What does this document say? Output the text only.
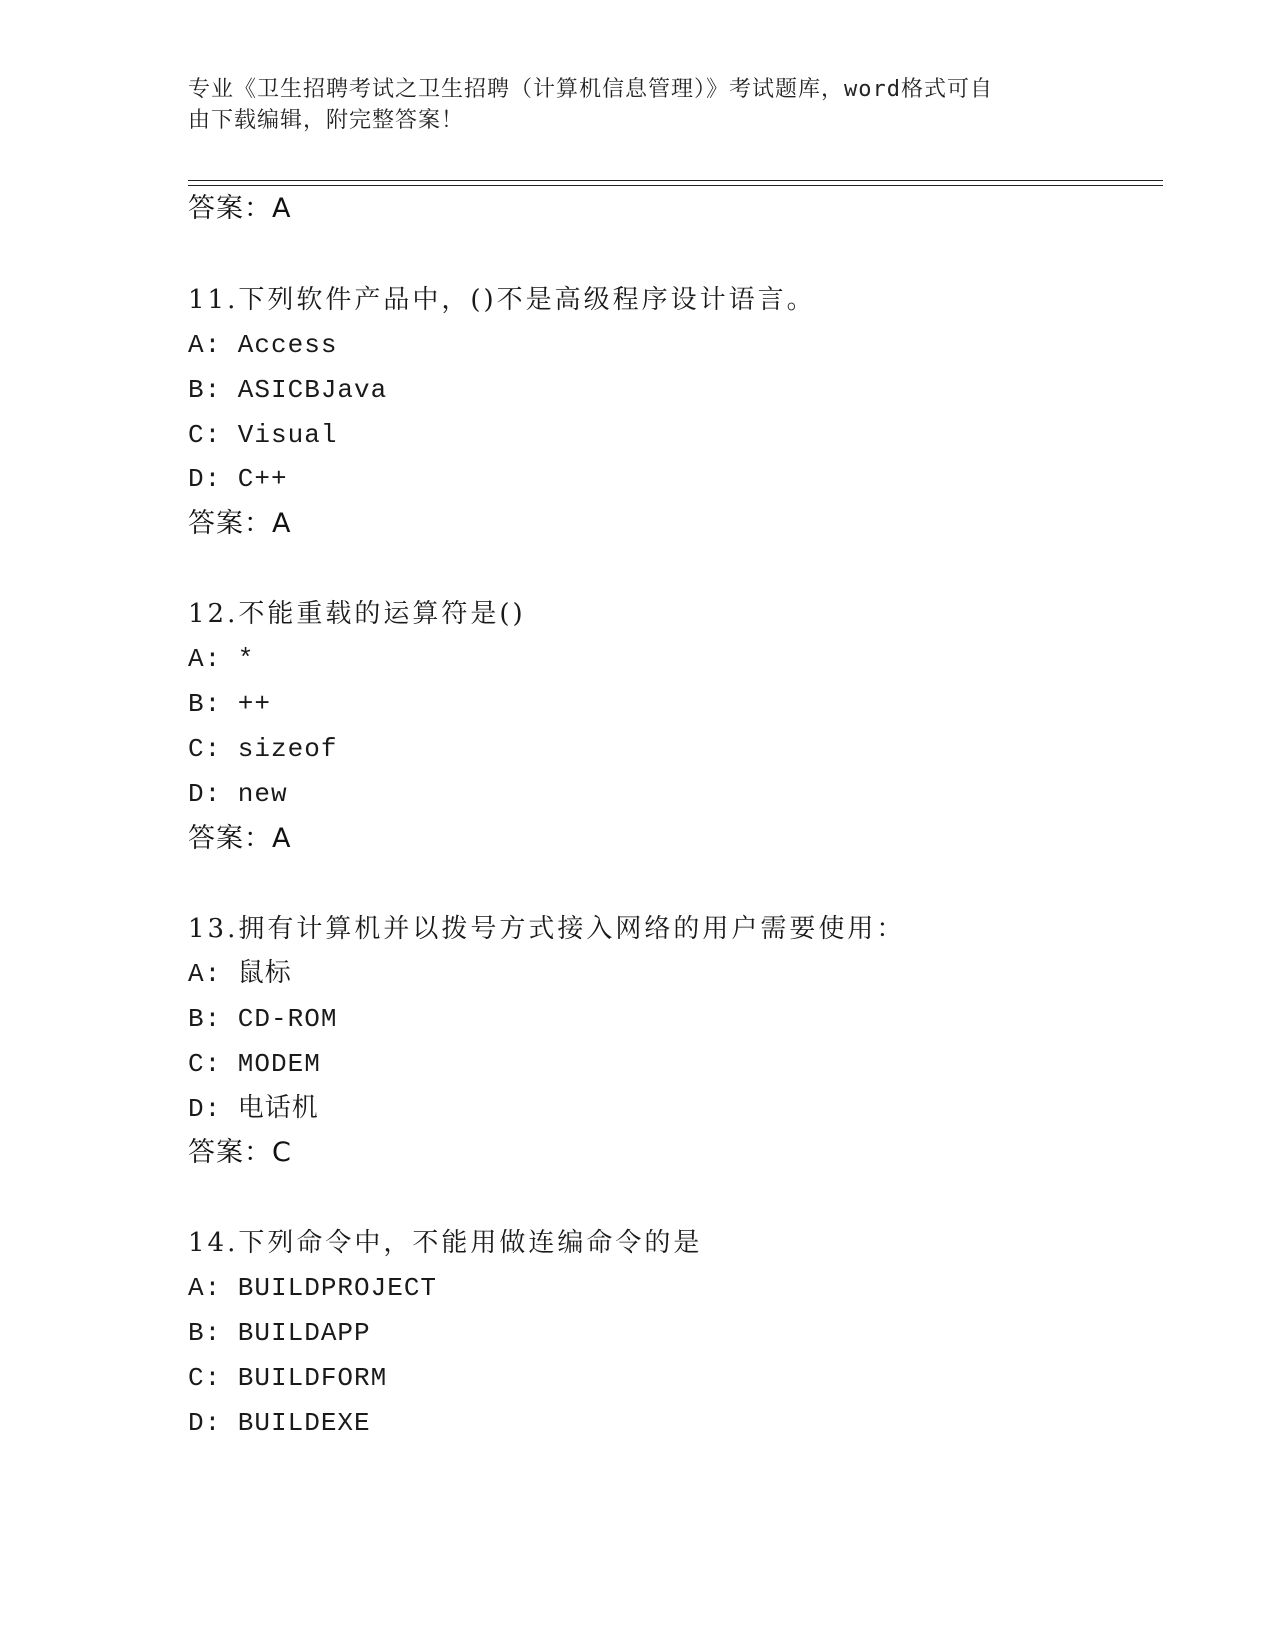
专业《卫生招聘考试之卫生招聘（计算机信息管理）》考试题库，word格式可自
由下载编辑，附完整答案！
答案：A
11.下列软件产品中，()不是高级程序设计语言。
A: Access
B: ASICBJava
C: Visual
D: C++
答案：A
12.不能重载的运算符是()
A: *
B: ++
C: sizeof
D: new
答案：A
13.拥有计算机并以拨号方式接入网络的用户需要使用：
A: 鼠标
B: CD-ROM
C: MODEM
D: 电话机
答案：C
14.下列命令中，不能用做连编命令的是
A: BUILDPROJECT
B: BUILDAPP
C: BUILDFORM
D: BUILDEXE
